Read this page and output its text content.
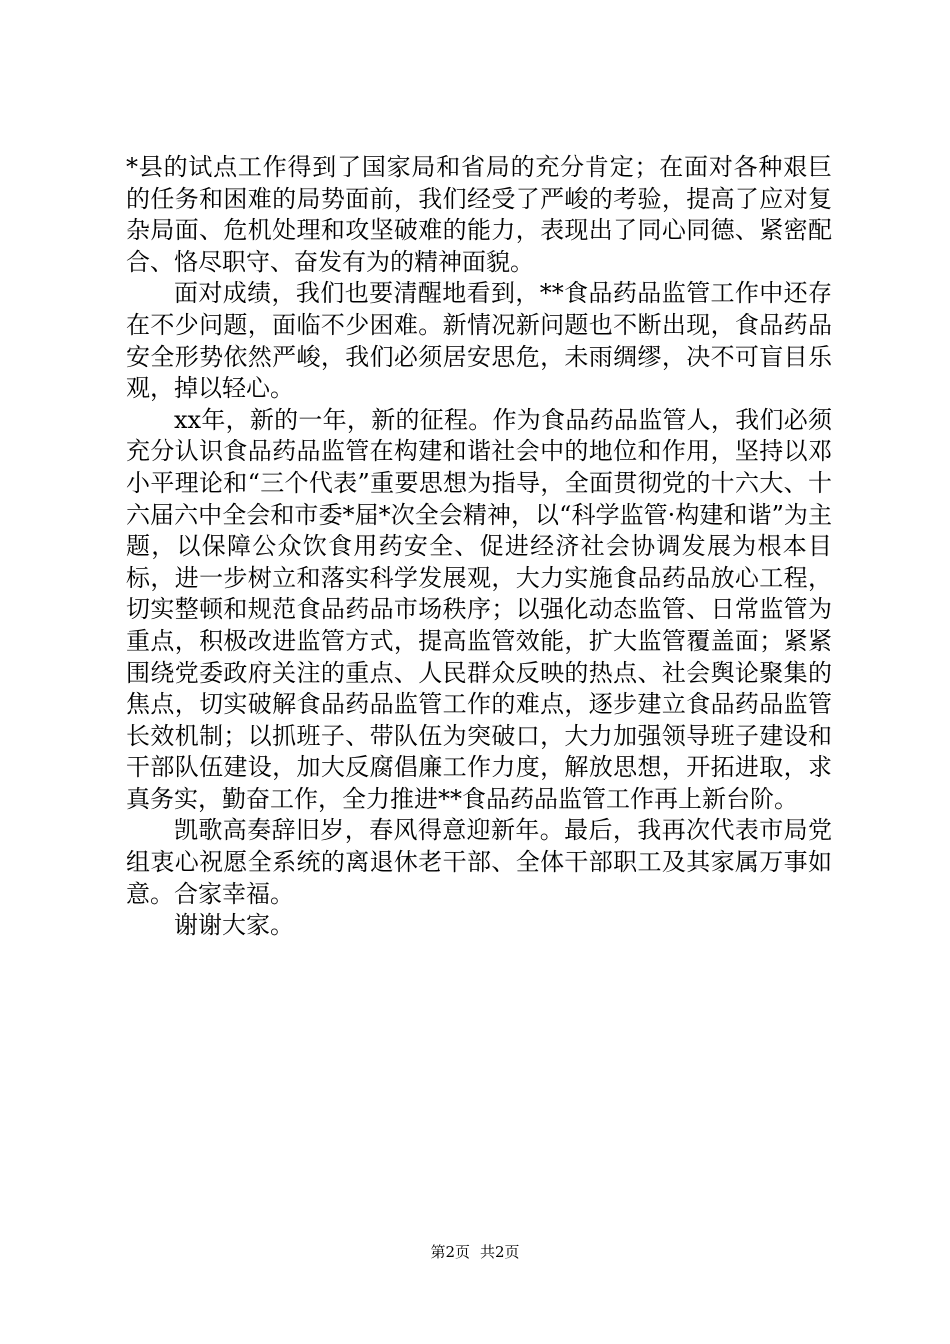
*县的试点工作得到了国家局和省局的充分肯定；在面对各种艰巨的任务和困难的局势面前，我们经受了严峻的考验，提高了应对复杂局面、危机处理和攻坚破难的能力，表现出了同心同德、紧密配合、恪尽职守、奋发有为的精神面貌。

面对成绩，我们也要清醒地看到，**食品药品监管工作中还存在不少问题，面临不少困难。新情况新问题也不断出现，食品药品安全形势依然严峻，我们必须居安思危，未雨绸缪，决不可盲目乐观，掉以轻心。

xx年，新的一年，新的征程。作为食品药品监管人，我们必须充分认识食品药品监管在构建和谐社会中的地位和作用，坚持以邓小平理论和“三个代表”重要思想为指导，全面贯彻党的十六大、十六届六中全会和市委*届*次全会精神，以“科学监管·构建和谐”为主题，以保障公众饮食用药安全、促进经济社会协调发展为根本目标，进一步树立和落实科学发展观，大力实施食品药品放心工程，切实整顿和规范食品药品市场秩序；以强化动态监管、日常监管为重点，积极改进监管方式，提高监管效能，扩大监管覆盖面；紧紧围绕党委政府关注的重点、人民群众反映的热点、社会舆论聚集的焦点，切实破解食品药品监管工作的难点，逐步建立食品药品监管长效机制；以抓班子、带队伍为突破口，大力加强领导班子建设和干部队伍建设，加大反腐倡廉工作力度，解放思想，开拓进取，求真务实，勤奋工作，全力推进**食品药品监管工作再上新台阶。

凯歌高奏辞旧岁，春风得意迎新年。最后，我再次代表市局党组衷心祝愿全系统的离退休老干部、全体干部职工及其家属万事如意。合家幸福。

谢谢大家。

第2页 共2页
